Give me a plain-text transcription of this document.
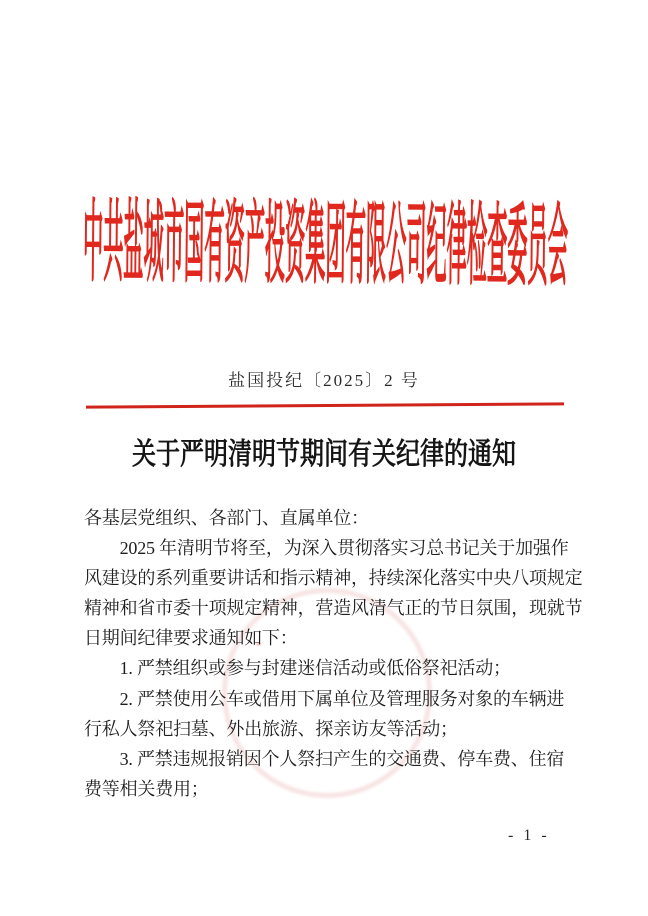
中共盐城市国有资产投资集团有限公司纪律检查委员会
盐国投纪〔2025〕2 号
关于严明清明节期间有关纪律的通知
各基层党组织、各部门、直属单位：
　　2025 年清明节将至，为深入贯彻落实习总书记关于加强作
风建设的系列重要讲话和指示精神，持续深化落实中央八项规定
精神和省市委十项规定精神，营造风清气正的节日氛围，现就节
日期间纪律要求通知如下：
　　1. 严禁组织或参与封建迷信活动或低俗祭祀活动；
　　2. 严禁使用公车或借用下属单位及管理服务对象的车辆进
行私人祭祀扫墓、外出旅游、探亲访友等活动；
　　3. 严禁违规报销因个人祭扫产生的交通费、停车费、住宿
费等相关费用；
- 1 -
